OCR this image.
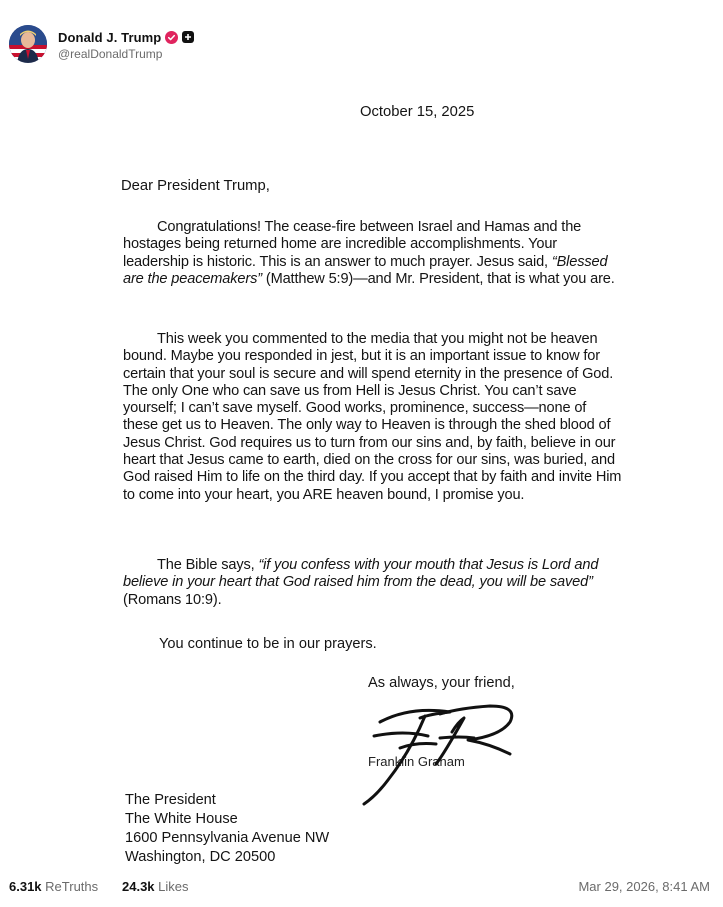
Donald J. Trump
@realDonaldTrump
October 15, 2025
Dear President Trump,

Congratulations! The cease-fire between Israel and Hamas and the hostages being returned home are incredible accomplishments. Your leadership is historic. This is an answer to much prayer. Jesus said, “Blessed are the peacemakers” (Matthew 5:9)—and Mr. President, that is what you are.

This week you commented to the media that you might not be heaven bound. Maybe you responded in jest, but it is an important issue to know for certain that your soul is secure and will spend eternity in the presence of God. The only One who can save us from Hell is Jesus Christ. You can’t save yourself; I can’t save myself. Good works, prominence, success—none of these get us to Heaven. The only way to Heaven is through the shed blood of Jesus Christ. God requires us to turn from our sins and, by faith, believe in our heart that Jesus came to earth, died on the cross for our sins, was buried, and God raised Him to life on the third day. If you accept that by faith and invite Him to come into your heart, you ARE heaven bound, I promise you.

The Bible says, “if you confess with your mouth that Jesus is Lord and believe in your heart that God raised him from the dead, you will be saved” (Romans 10:9).

You continue to be in our prayers.
As always, your friend,
Franklin Graham
The President
The White House
1600 Pennsylvania Avenue NW
Washington, DC 20500
6.31k ReTruths 24.3k Likes	Mar 29, 2026, 8:41 AM
